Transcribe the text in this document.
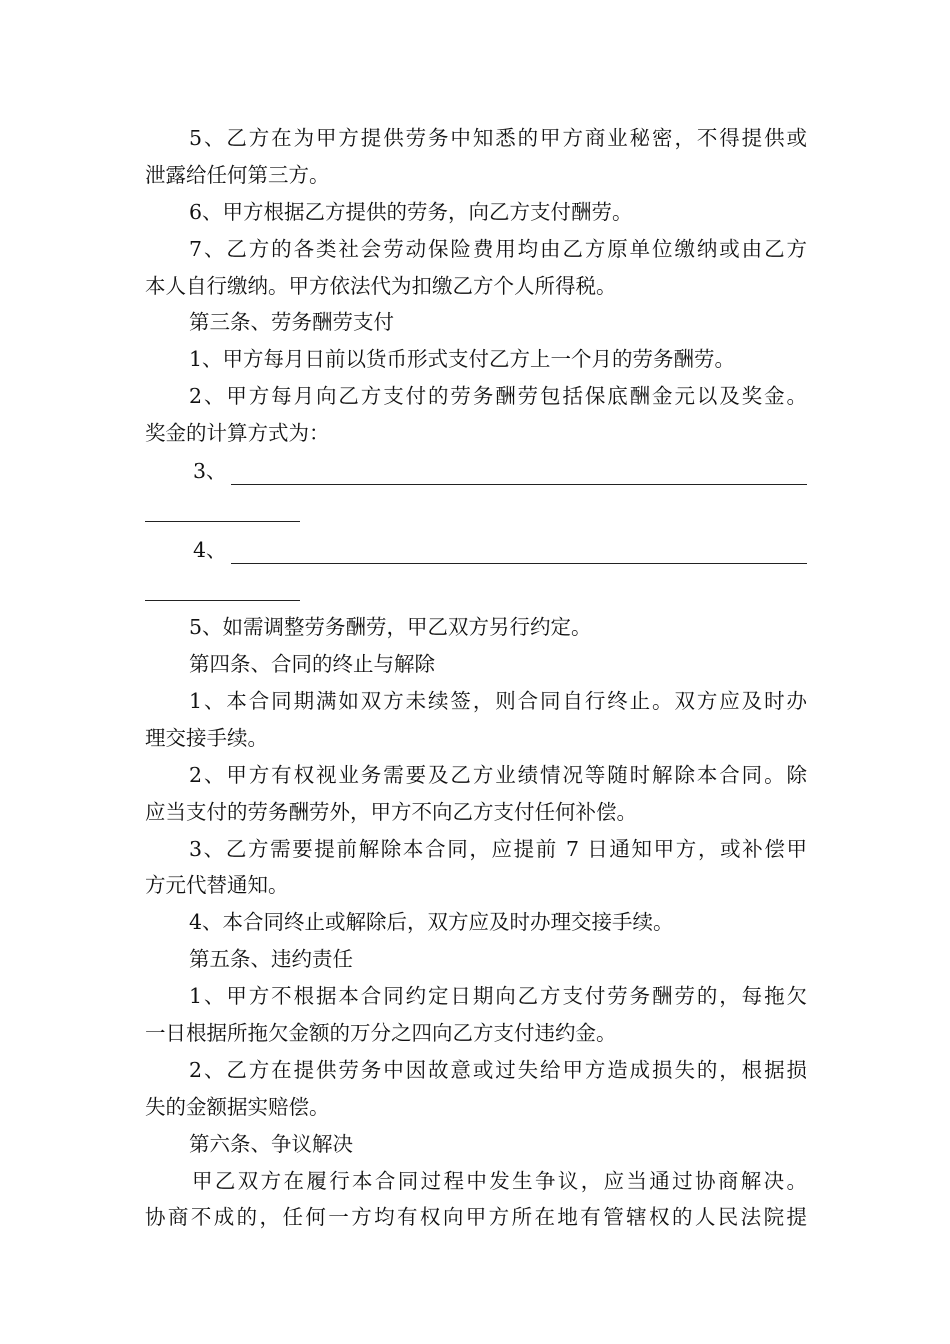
5、乙方在为甲方提供劳务中知悉的甲方商业秘密，不得提供或
泄露给任何第三方。
6、甲方根据乙方提供的劳务，向乙方支付酬劳。
7、乙方的各类社会劳动保险费用均由乙方原单位缴纳或由乙方
本人自行缴纳。甲方依法代为扣缴乙方个人所得税。
第三条、劳务酬劳支付
1、甲方每月日前以货币形式支付乙方上一个月的劳务酬劳。
2、甲方每月向乙方支付的劳务酬劳包括保底酬金元以及奖金。
奖金的计算方式为：
3、
4、
5、如需调整劳务酬劳，甲乙双方另行约定。
第四条、合同的终止与解除
1、本合同期满如双方未续签，则合同自行终止。双方应及时办
理交接手续。
2、甲方有权视业务需要及乙方业绩情况等随时解除本合同。除
应当支付的劳务酬劳外，甲方不向乙方支付任何补偿。
3、乙方需要提前解除本合同，应提前 7 日通知甲方，或补偿甲
方元代替通知。
4、本合同终止或解除后，双方应及时办理交接手续。
第五条、违约责任
1、甲方不根据本合同约定日期向乙方支付劳务酬劳的，每拖欠
一日根据所拖欠金额的万分之四向乙方支付违约金。
2、乙方在提供劳务中因故意或过失给甲方造成损失的，根据损
失的金额据实赔偿。
第六条、争议解决
甲乙双方在履行本合同过程中发生争议，应当通过协商解决。
协商不成的，任何一方均有权向甲方所在地有管辖权的人民法院提
